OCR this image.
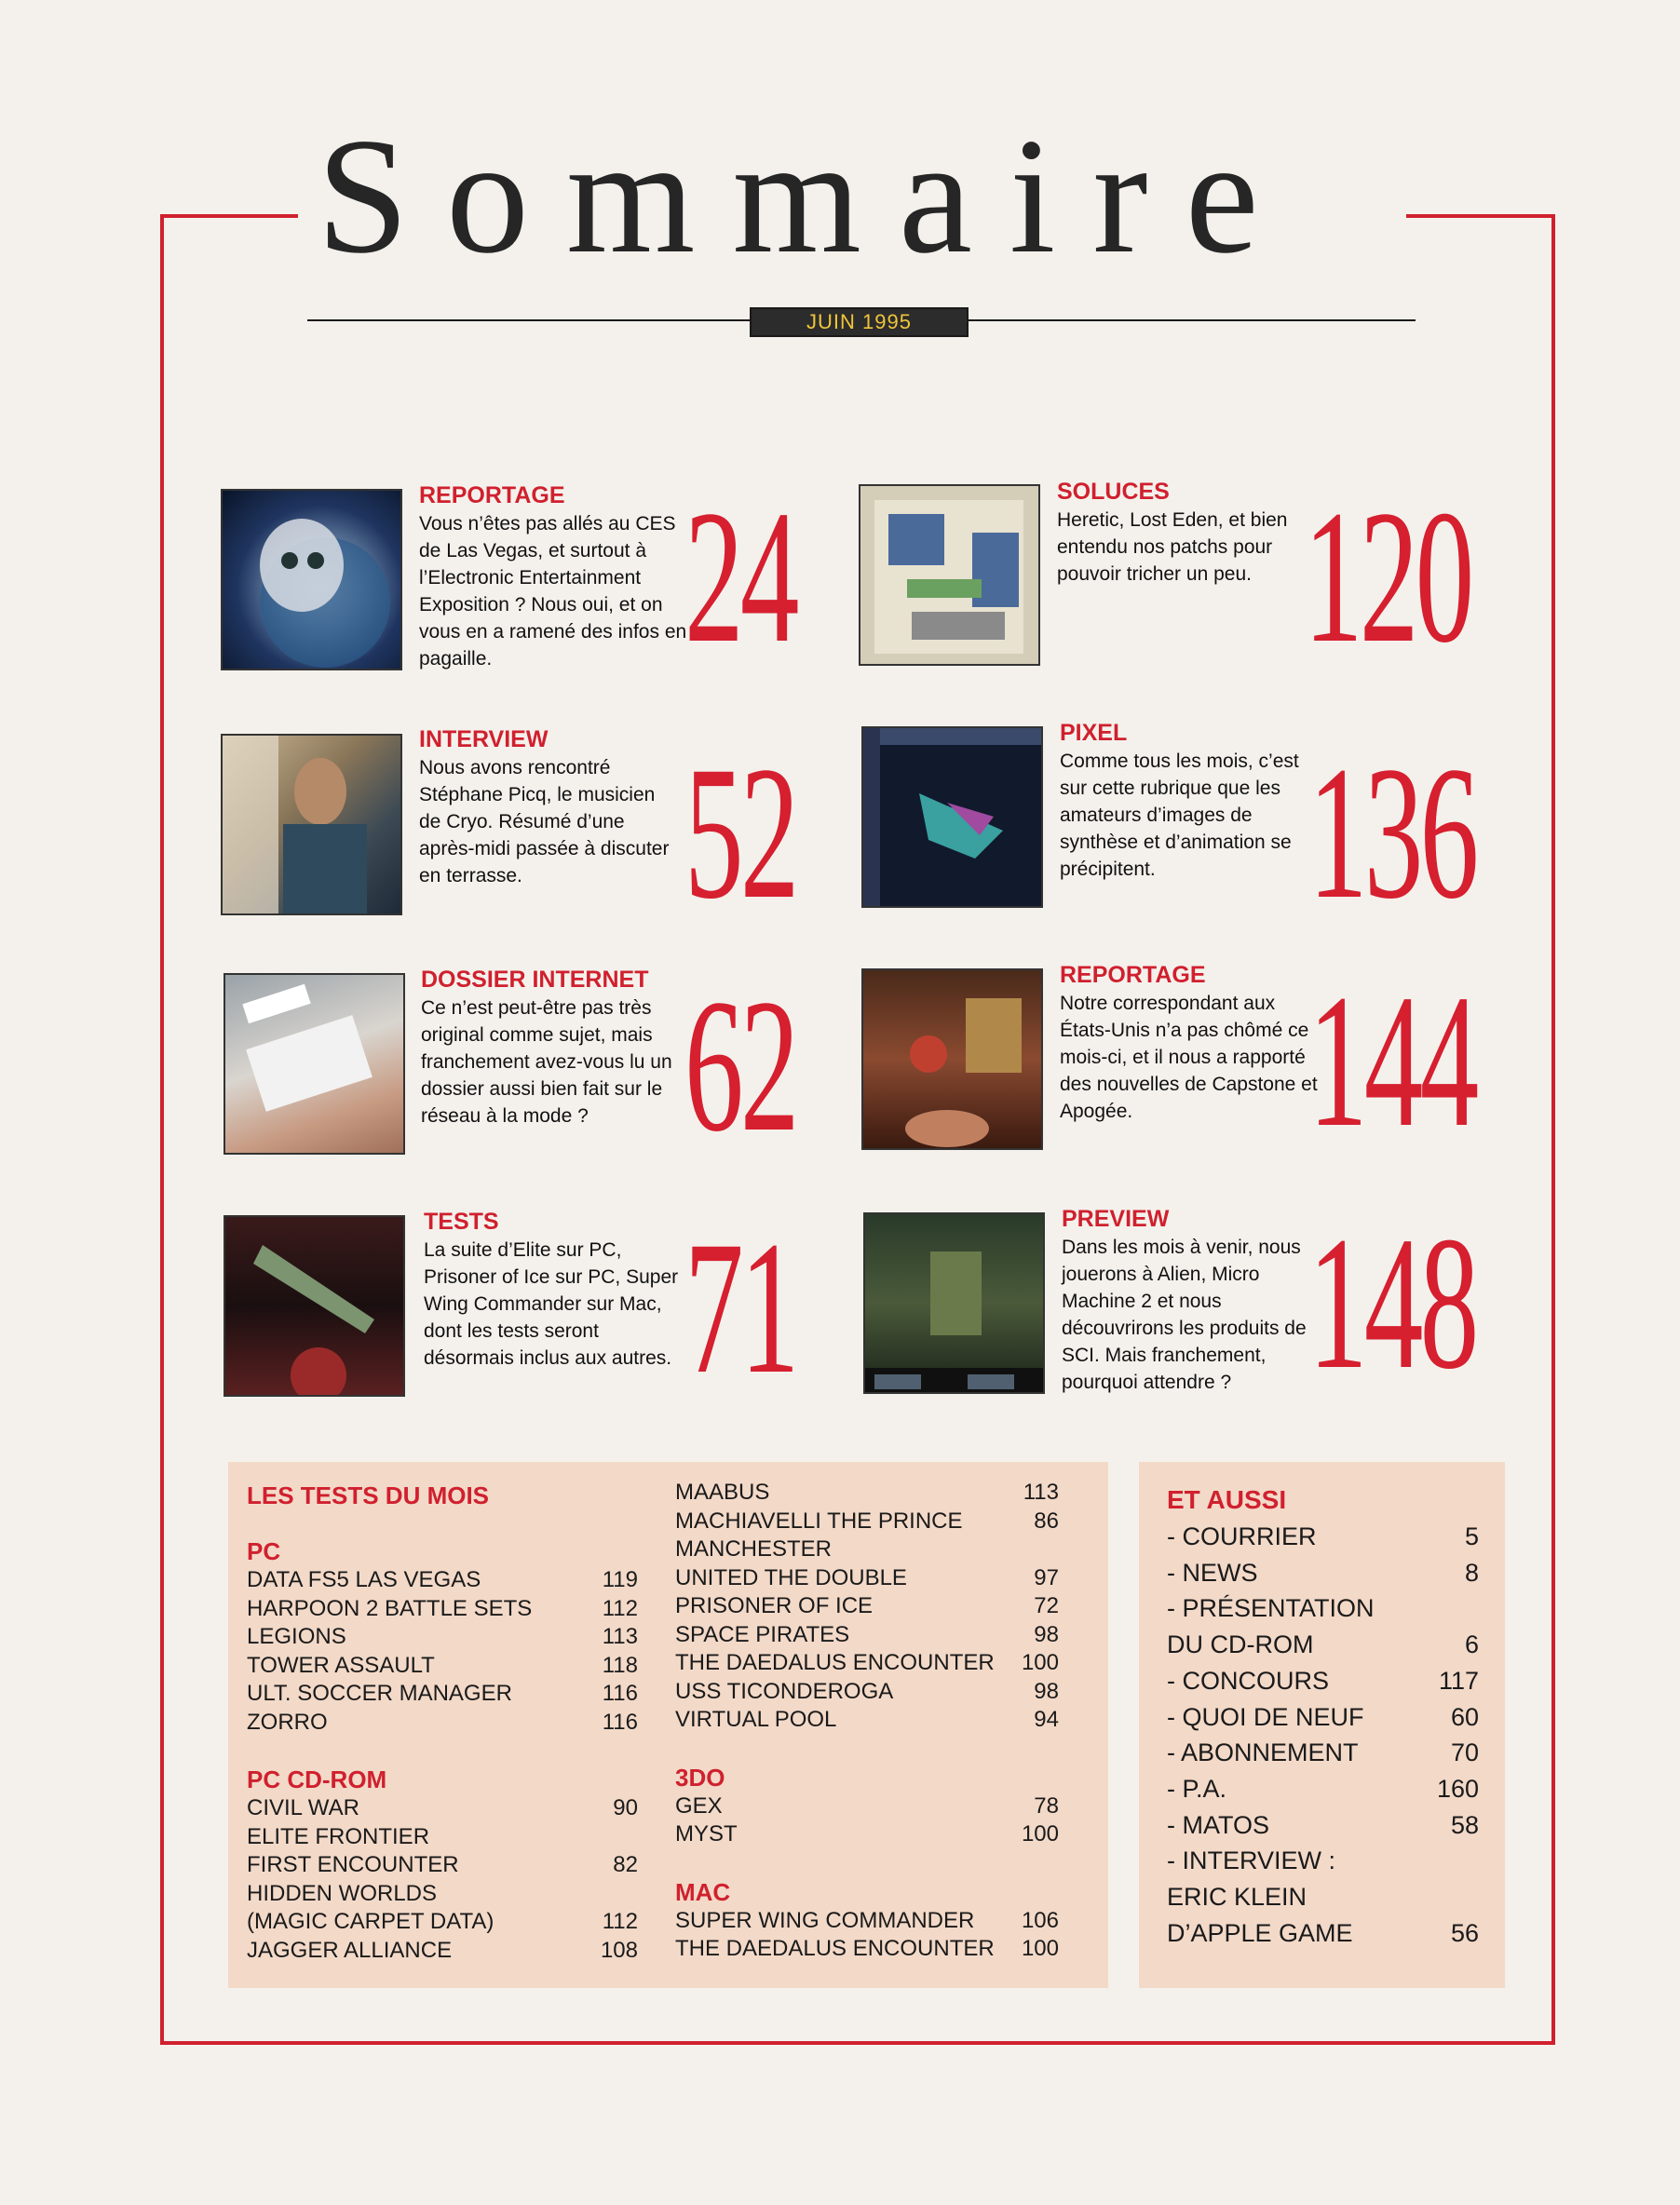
Sommaire
JUIN 1995

REPORTAGE

Vous n’êtes pas allés au CES de Las Vegas, et surtout à l’Electronic Entertainment Exposition ? Nous oui, et on vous en a ramené des infos en pagaille.	24

INTERVIEW

Nous avons rencontré Stéphane Picq, le musicien de Cryo. Résumé d’une après-midi passée à discuter en terrasse. 52

DOSSIER INTERNET

Ce n’est peut-être pas très original comme sujet, mais franchement avez-vous lu un dossier aussi bien fait sur le réseau à la mode ? 62

TESTS

La suite d’Elite sur PC, Prisoner of Ice sur PC, Super Wing Commander sur Mac, dont les tests seront désormais inclus aux autres. 71

SOLUCES

Heretic, Lost Eden, et bien entendu nos patchs pour pouvoir tricher un peu. 120

PIXEL

Comme tous les mois, c’est sur cette rubrique que les amateurs d’images de synthèse et d’animation se précipitent. 136

REPORTAGE

Notre correspondant aux États-Unis n’a pas chômé ce mois-ci, et il nous a rapporté des nouvelles de Capstone et Apogée. 144

PREVIEW

Dans les mois à venir, nous jouerons à Alien, Micro Machine 2 et nous découvrirons les produits de SCI. Mais franchement, pourquoi attendre ? 148
LES TESTS DU MOIS
PC
DATA FS5 LAS VEGAS	119
HARPOON 2 BATTLE SETS	112
LEGIONS	113
TOWER ASSAULT	118
ULT. SOCCER MANAGER	116
ZORRO	116
PC CD-ROM
CIVIL WAR	90
ELITE FRONTIER
FIRST ENCOUNTER	82
HIDDEN WORLDS
(MAGIC CARPET DATA)	112
JAGGER ALLIANCE	108
MAABUS	113
MACHIAVELLI THE PRINCE	86
MANCHESTER
UNITED THE DOUBLE	97
PRISONER OF ICE	72
SPACE PIRATES	98
THE DAEDALUS ENCOUNTER 100
USS TICONDEROGA	98
VIRTUAL POOL	94
3DO
GEX	78
MYST	100
MAC
SUPER WING COMMANDER 106
THE DAEDALUS ENCOUNTER 100
ET AUSSI
- COURRIER	5
- NEWS	8
- PRÉSENTATION
DU CD-ROM	6
- CONCOURS	117
- QUOI DE NEUF	60
- ABONNEMENT	70
- P.A.	160
- MATOS	58
- INTERVIEW :
ERIC KLEIN
D’APPLE GAME	56
